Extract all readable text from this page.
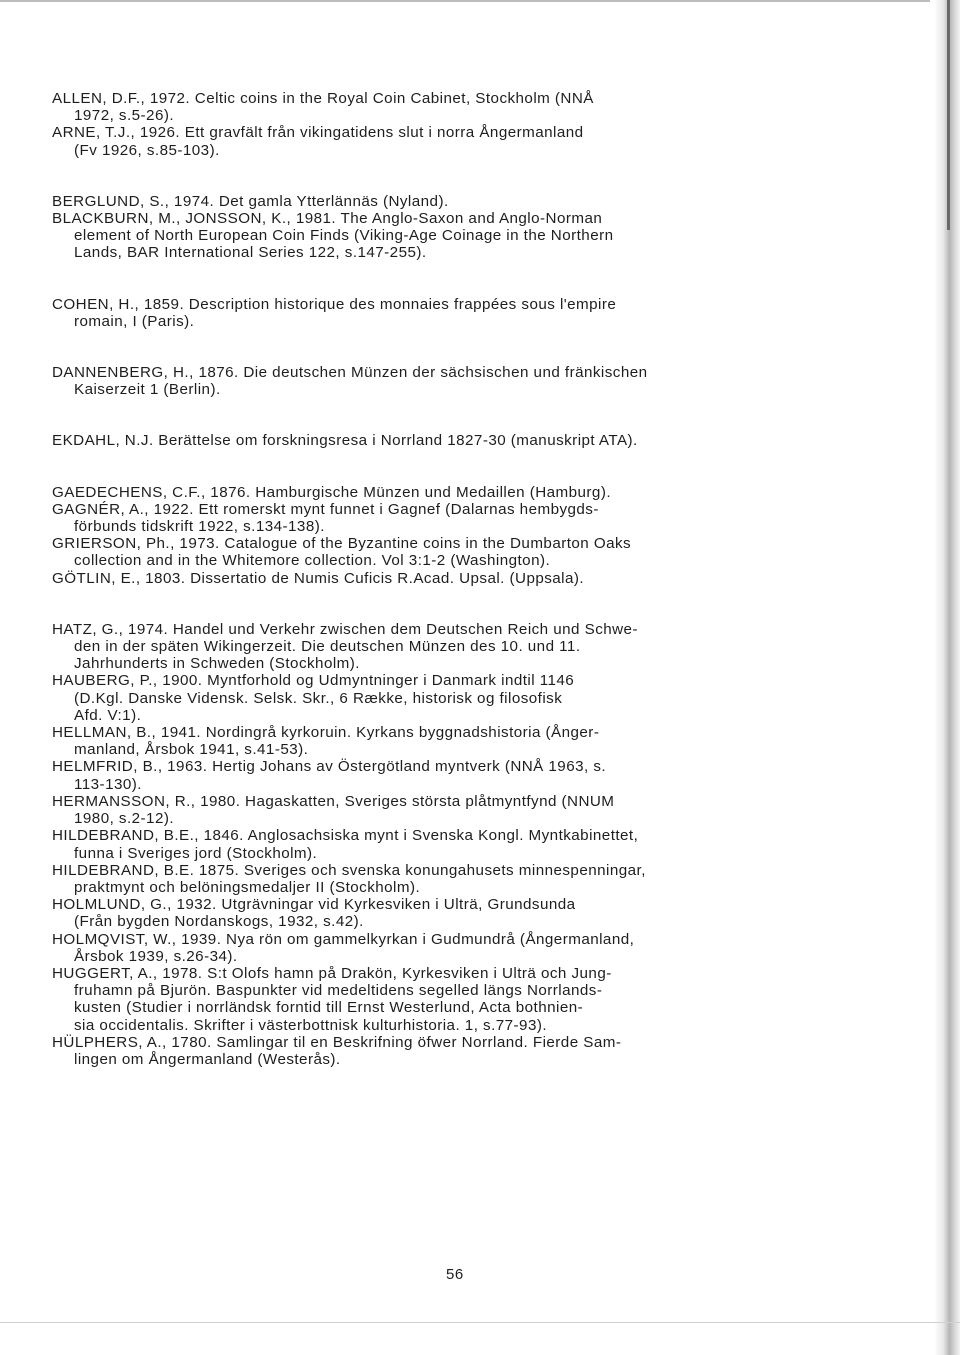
ALLEN, D.F., 1972. Celtic coins in the Royal Coin Cabinet, Stockholm (NNÅ
1972, s.5-26).

ARNE, T.J., 1926. Ett gravfält från vikingatidens slut i norra Ångermanland
(Fv 1926, s.85-103).

BERGLUND, S., 1974. Det gamla Ytterlännäs (Nyland).

BLACKBURN, M., JONSSON, K., 1981. The Anglo-Saxon and Anglo-Norman
element of North European Coin Finds (Viking-Age Coinage in the Northern
Lands, BAR International Series 122, s.147-255).

COHEN, H., 1859. Description historique des monnaies frappées sous l'empire
romain, I (Paris).

DANNENBERG, H., 1876. Die deutschen Münzen der sächsischen und fränkischen
Kaiserzeit 1 (Berlin).

EKDAHL, N.J. Berättelse om forskningsresa i Norrland 1827-30 (manuskript ATA).

GAEDECHENS, C.F., 1876. Hamburgische Münzen und Medaillen (Hamburg).

GAGNÉR, A., 1922. Ett romerskt mynt funnet i Gagnef (Dalarnas hembygds-
förbunds tidskrift 1922, s.134-138).

GRIERSON, Ph., 1973. Catalogue of the Byzantine coins in the Dumbarton Oaks
collection and in the Whitemore collection. Vol 3:1-2 (Washington).

GÖTLIN, E., 1803. Dissertatio de Numis Cuficis R.Acad. Upsal. (Uppsala).

HATZ, G., 1974. Handel und Verkehr zwischen dem Deutschen Reich und Schwe-
den in der späten Wikingerzeit. Die deutschen Münzen des 10. und 11.
Jahrhunderts in Schweden (Stockholm).

HAUBERG, P., 1900. Myntforhold og Udmyntninger i Danmark indtil 1146
(D.Kgl. Danske Vidensk. Selsk. Skr., 6 Række, historisk og filosofisk
Afd. V:1).

HELLMAN, B., 1941. Nordingrå kyrkoruin. Kyrkans byggnadshistoria (Ånger-
manland, Årsbok 1941, s.41-53).

HELMFRID, B., 1963. Hertig Johans av Östergötland myntverk (NNÅ 1963, s.
113-130).

HERMANSSON, R., 1980. Hagaskatten, Sveriges största plåtmyntfynd (NNUM
1980, s.2-12).

HILDEBRAND, B.E., 1846. Anglosachsiska mynt i Svenska Kongl. Myntkabinettet,
funna i Sveriges jord (Stockholm).

HILDEBRAND, B.E. 1875. Sveriges och svenska konungahusets minnespenningar,
praktmynt och belöningsmedaljer II (Stockholm).

HOLMLUND, G., 1932. Utgrävningar vid Kyrkesviken i Ulträ, Grundsunda
(Från bygden Nordanskogs, 1932, s.42).

HOLMQVIST, W., 1939. Nya rön om gammelkyrkan i Gudmundrå (Ångermanland,
Årsbok 1939, s.26-34).

HUGGERT, A., 1978. S:t Olofs hamn på Drakön, Kyrkesviken i Ulträ och Jung-
fruhamn på Bjurön. Baspunkter vid medeltidens segelled längs Norrlands-
kusten (Studier i norrländsk forntid till Ernst Westerlund, Acta bothnien-
sia occidentalis. Skrifter i västerbottnisk kulturhistoria. 1, s.77-93).

HÜLPHERS, A., 1780. Samlingar til en Beskrifning öfwer Norrland. Fierde Sam-
lingen om Ångermanland (Westerås).

56
